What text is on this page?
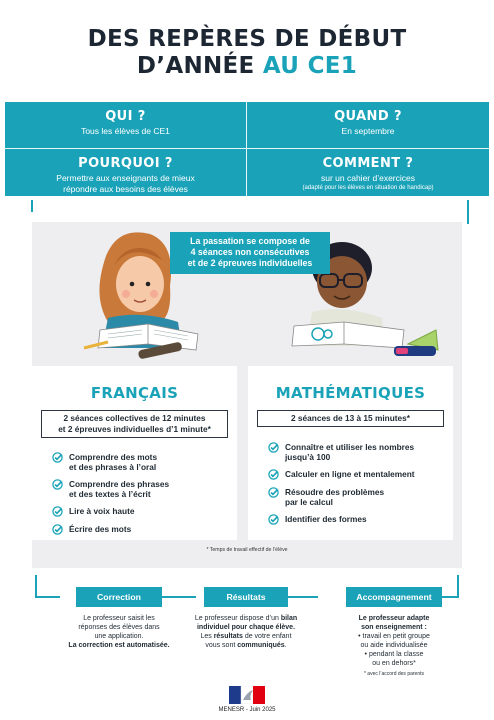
DES REPÈRES DE DÉBUT
D’ANNÉE AU CE1
QUI ?

Tous les élèves de CE1

QUAND ?

En septembre

POURQUOI ?

Permettre aux enseignants de mieux
répondre aux besoins des élèves

COMMENT ?

sur un cahier d’exercices

(adapté pour les élèves en situation de handicap)

La passation se compose de
4 séances non consécutives
et de 2 épreuves individuelles
FRANÇAIS
2 séances collectives de 12 minutes
et 2 épreuves individuelles d’1 minute*
Comprendre des mots
et des phrases à l’oral
Comprendre des phrases
et des textes à l’écrit
Lire à voix haute
Écrire des mots
MATHÉMATIQUES
2 séances de 13 à 15 minutes*
Connaître et utiliser les nombres
jusqu’à 100
Calculer en ligne et mentalement
Résoudre des problèmes
par le calcul
Identifier des formes
* Temps de travail effectif de l’élève
Correction	Résultats	Accompagnement
Le professeur saisit les
réponses des élèves dans
une application.
La correction est automatisée.
Le professeur dispose d’un bilan
individuel pour chaque élève.
Les résultats de votre enfant
vous sont communiqués.
Le professeur adapte
son enseignement :
• travail en petit groupe
ou aide individualisée
• pendant la classe
ou en dehors*
* avec l’accord des parents
MENESR - Juin 2025
